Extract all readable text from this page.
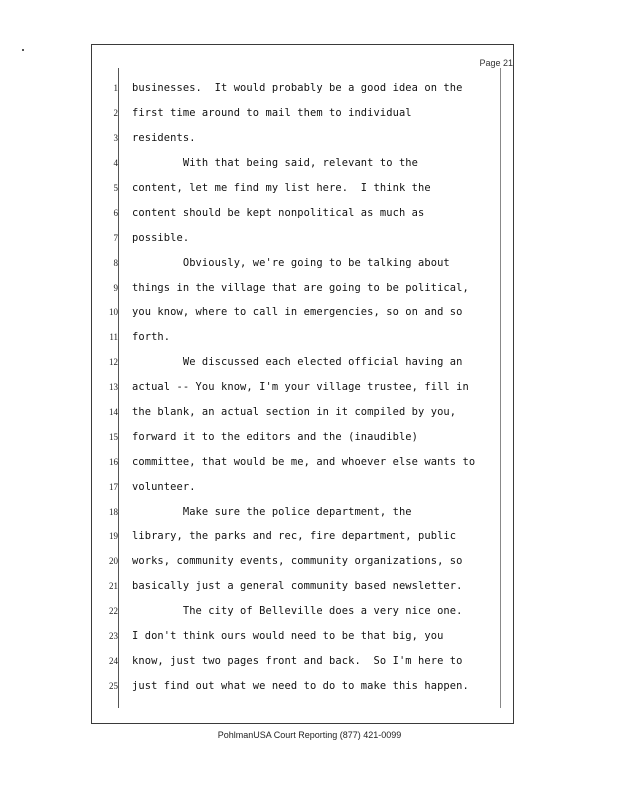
Page 21
1 businesses.  It would probably be a good idea on the
2 first time around to mail them to individual
3 residents.
4 With that being said, relevant to the
5 content, let me find my list here.  I think the
6 content should be kept nonpolitical as much as
7 possible.
8 Obviously, we're going to be talking about
9 things in the village that are going to be political,
10 you know, where to call in emergencies, so on and so
11 forth.
12 We discussed each elected official having an
13 actual -- You know, I'm your village trustee, fill in
14 the blank, an actual section in it compiled by you,
15 forward it to the editors and the (inaudible)
16 committee, that would be me, and whoever else wants to
17 volunteer.
18 Make sure the police department, the
19 library, the parks and rec, fire department, public
20 works, community events, community organizations, so
21 basically just a general community based newsletter.
22 The city of Belleville does a very nice one.
23 I don't think ours would need to be that big, you
24 know, just two pages front and back.  So I'm here to
25 just find out what we need to do to make this happen.
PohlmanUSA Court Reporting (877) 421-0099
